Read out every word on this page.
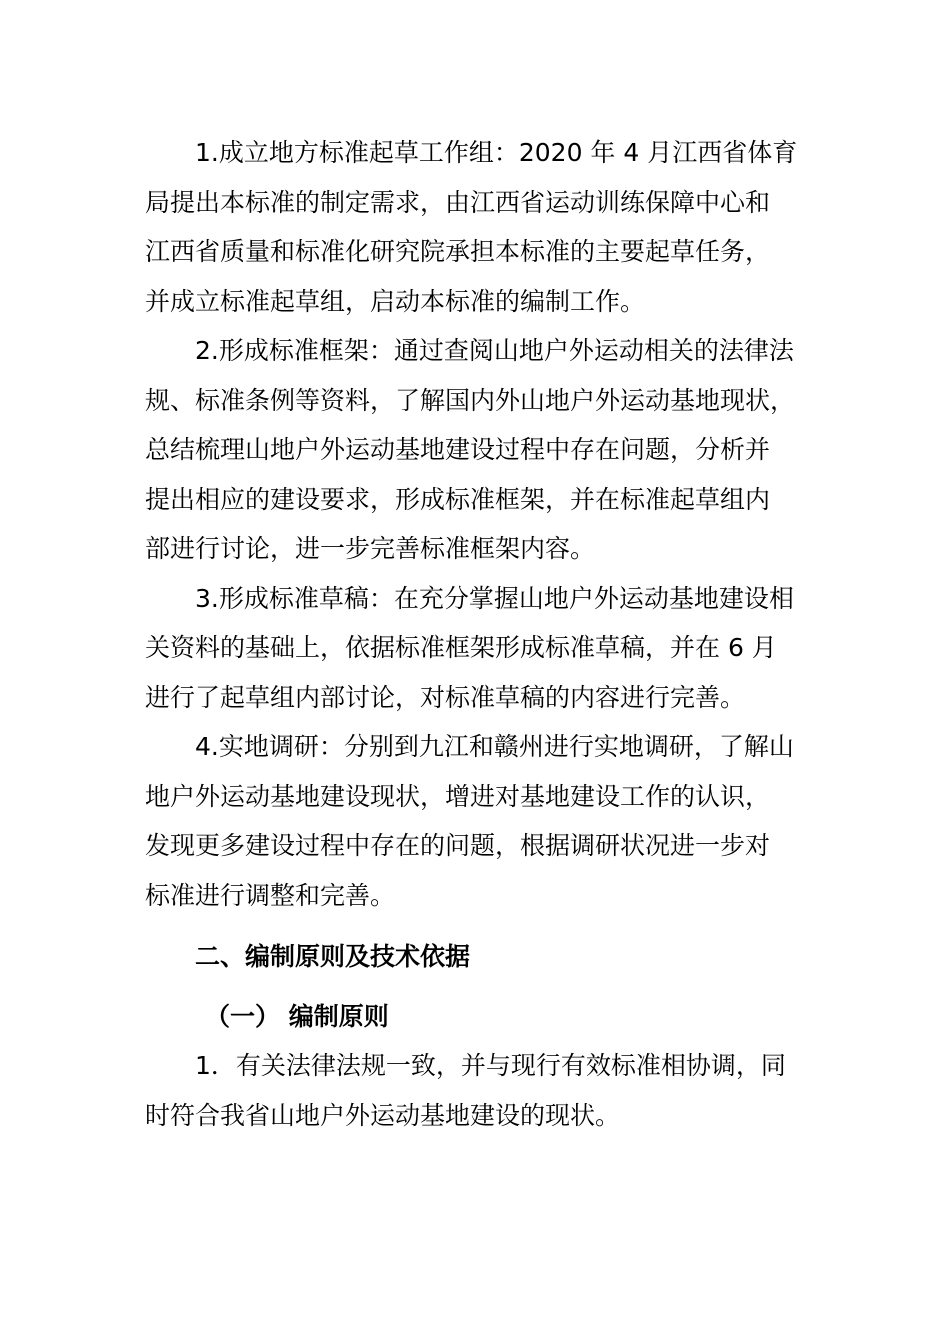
1.成立地方标准起草工作组：2020 年 4 月江西省体育
局提出本标准的制定需求，由江西省运动训练保障中心和
江西省质量和标准化研究院承担本标准的主要起草任务，
并成立标准起草组，启动本标准的编制工作。
2.形成标准框架：通过查阅山地户外运动相关的法律法
规、标准条例等资料，了解国内外山地户外运动基地现状，
总结梳理山地户外运动基地建设过程中存在问题，分析并
提出相应的建设要求，形成标准框架，并在标准起草组内
部进行讨论，进一步完善标准框架内容。
3.形成标准草稿：在充分掌握山地户外运动基地建设相
关资料的基础上，依据标准框架形成标准草稿，并在 6 月
进行了起草组内部讨论，对标准草稿的内容进行完善。
4.实地调研：分别到九江和赣州进行实地调研，了解山
地户外运动基地建设现状，增进对基地建设工作的认识，
发现更多建设过程中存在的问题，根据调研状况进一步对
标准进行调整和完善。
二、编制原则及技术依据
（一） 编制原则
1．有关法律法规一致，并与现行有效标准相协调，同
时符合我省山地户外运动基地建设的现状。
